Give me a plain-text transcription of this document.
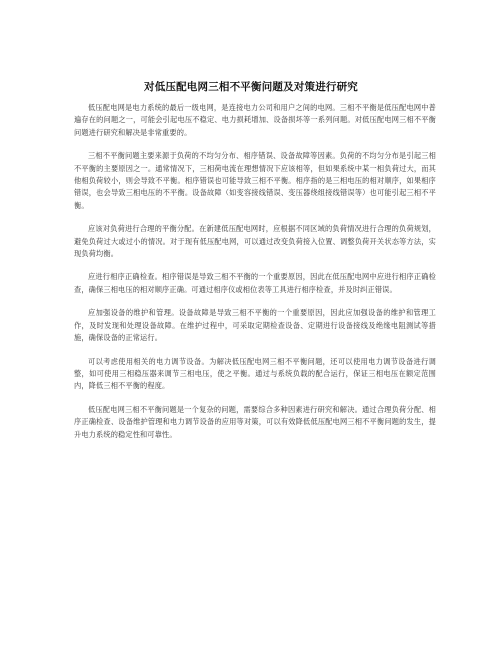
对低压配电网三相不平衡问题及对策进行研究

低压配电网是电力系统的最后一级电网，是连接电力公司和用户之间的电网。三相不平衡是低压配电网中普遍存在的问题之一，可能会引起电压不稳定、电力损耗增加、设备损坏等一系列问题。对低压配电网三相不平衡问题进行研究和解决是非常重要的。

三相不平衡问题主要来源于负荷的不均匀分布、相序错误、设备故障等因素。负荷的不均匀分布是引起三相不平衡的主要原因之一。通常情况下，三相荷电流在理想情况下应该相等，但如果系统中某一相负荷过大，而其他相负荷较小，则会导致不平衡。相序错误也可能导致三相不平衡。相序指的是三相电压的相对顺序，如果相序错误，也会导致三相电压的不平衡。设备故障（如变容接线错误、变压器绕组接线错误等）也可能引起三相不平衡。

应该对负荷进行合理的平衡分配。在新建低压配电网时，应根据不同区域的负荷情况进行合理的负荷规划，避免负荷过大或过小的情况。对于现有低压配电网，可以通过改变负荷接入位置、调整负荷开关状态等方法，实现负荷均衡。

应进行相序正确检查。相序错误是导致三相不平衡的一个重要原因，因此在低压配电网中应进行相序正确检查，确保三相电压的相对顺序正确。可通过相序仪或相位表等工具进行相序检查，并及时纠正错误。

应加强设备的维护和管理。设备故障是导致三相不平衡的一个重要原因，因此应加强设备的维护和管理工作，及时发现和处理设备故障。在维护过程中，可采取定期检查设备、定期进行设备接线及绝缘电阻测试等措施，确保设备的正常运行。

可以考虑使用相关的电力调节设备。为解决低压配电网三相不平衡问题，还可以使用电力调节设备进行调整，如可使用三相稳压器来调节三相电压，使之平衡。通过与系统负载的配合运行，保证三相电压在额定范围内，降低三相不平衡的程度。

低压配电网三相不平衡问题是一个复杂的问题，需要综合多种因素进行研究和解决。通过合理负荷分配、相序正确检查、设备维护管理和电力调节设备的应用等对策，可以有效降低低压配电网三相不平衡问题的发生，提升电力系统的稳定性和可靠性。
